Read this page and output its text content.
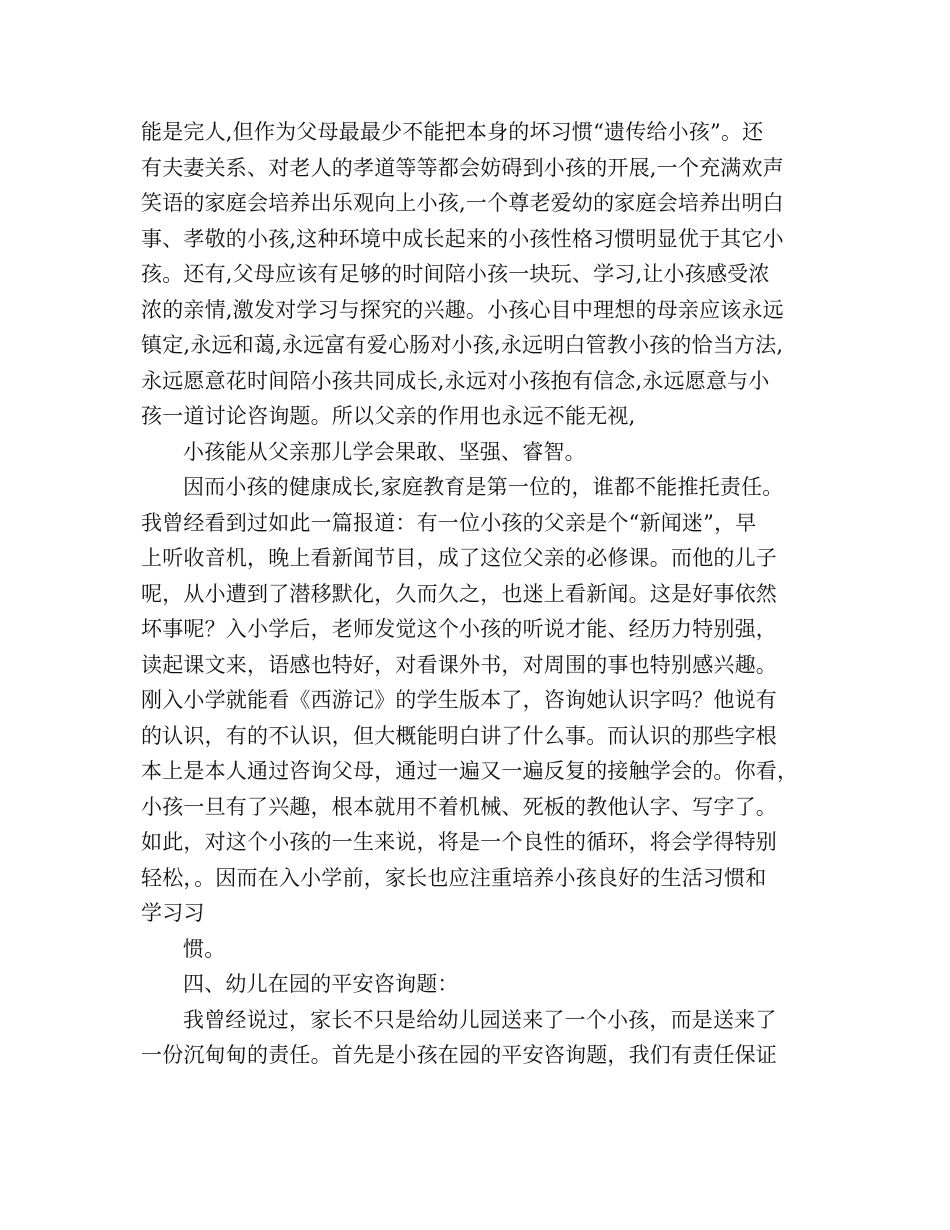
能是完人,但作为父母最最少不能把本身的坏习惯“遗传给小孩”。还
有夫妻关系、对老人的孝道等等都会妨碍到小孩的开展,一个充满欢声
笑语的家庭会培养出乐观向上小孩,一个尊老爱幼的家庭会培养出明白
事、孝敬的小孩,这种环境中成长起来的小孩性格习惯明显优于其它小
孩。还有,父母应该有足够的时间陪小孩一块玩、学习,让小孩感受浓
浓的亲情,激发对学习与探究的兴趣。小孩心目中理想的母亲应该永远
镇定,永远和蔼,永远富有爱心肠对小孩,永远明白管教小孩的恰当方法,
永远愿意花时间陪小孩共同成长,永远对小孩抱有信念,永远愿意与小
孩一道讨论咨询题。所以父亲的作用也永远不能无视,
小孩能从父亲那儿学会果敢、坚强、睿智。
因而小孩的健康成长,家庭教育是第一位的，谁都不能推托责任。
我曾经看到过如此一篇报道：有一位小孩的父亲是个“新闻迷”，早
上听收音机，晚上看新闻节目，成了这位父亲的必修课。而他的儿子
呢，从小遭到了潜移默化，久而久之，也迷上看新闻。这是好事依然
坏事呢？入小学后，老师发觉这个小孩的听说才能、经历力特别强，
读起课文来，语感也特好，对看课外书，对周围的事也特别感兴趣。
刚入小学就能看《西游记》的学生版本了，咨询她认识字吗？他说有
的认识，有的不认识，但大概能明白讲了什么事。而认识的那些字根
本上是本人通过咨询父母，通过一遍又一遍反复的接触学会的。你看，
小孩一旦有了兴趣，根本就用不着机械、死板的教他认字、写字了。
如此，对这个小孩的一生来说，将是一个良性的循环，将会学得特别
轻松，。因而在入小学前，家长也应注重培养小孩良好的生活习惯和
学习习
惯。
四、幼儿在园的平安咨询题：
我曾经说过，家长不只是给幼儿园送来了一个小孩，而是送来了
一份沉甸甸的责任。首先是小孩在园的平安咨询题，我们有责任保证
